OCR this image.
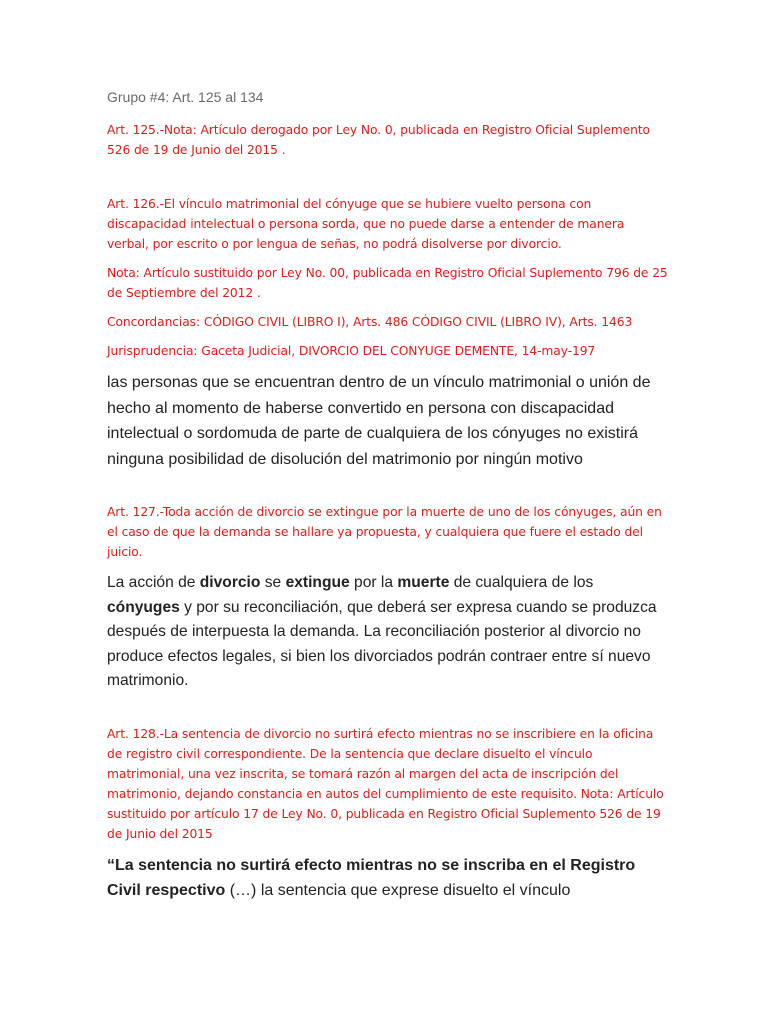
Grupo #4: Art. 125 al 134

Art. 125.-Nota: Artículo derogado por Ley No. 0, publicada en Registro Oficial Suplemento 526 de 19 de Junio del 2015 .

Art. 126.-El vínculo matrimonial del cónyuge que se hubiere vuelto persona con discapacidad intelectual o persona sorda, que no puede darse a entender de manera verbal, por escrito o por lengua de señas, no podrá disolverse por divorcio.

Nota: Artículo sustituido por Ley No. 00, publicada en Registro Oficial Suplemento 796 de 25 de Septiembre del 2012 .

Concordancias: CÓDIGO CIVIL (LIBRO I), Arts. 486 CÓDIGO CIVIL (LIBRO IV), Arts. 1463

Jurisprudencia: Gaceta Judicial, DIVORCIO DEL CONYUGE DEMENTE, 14-may-197

las personas que se encuentran dentro de un vínculo matrimonial o unión de hecho al momento de haberse convertido en persona con discapacidad intelectual o sordomuda de parte de cualquiera de los cónyuges no existirá ninguna posibilidad de disolución del matrimonio por ningún motivo

Art. 127.-Toda acción de divorcio se extingue por la muerte de uno de los cónyuges, aún en el caso de que la demanda se hallare ya propuesta, y cualquiera que fuere el estado del juicio.

La acción de divorcio se extingue por la muerte de cualquiera de los cónyuges y por su reconciliación, que deberá ser expresa cuando se produzca después de interpuesta la demanda. La reconciliación posterior al divorcio no produce efectos legales, si bien los divorciados podrán contraer entre sí nuevo matrimonio.

Art. 128.-La sentencia de divorcio no surtirá efecto mientras no se inscribiere en la oficina de registro civil correspondiente. De la sentencia que declare disuelto el vínculo matrimonial, una vez inscrita, se tomará razón al margen del acta de inscripción del matrimonio, dejando constancia en autos del cumplimiento de este requisito. Nota: Artículo sustituido por artículo 17 de Ley No. 0, publicada en Registro Oficial Suplemento 526 de 19 de Junio del 2015

“La sentencia no surtirá efecto mientras no se inscriba en el Registro Civil respectivo (…) la sentencia que exprese disuelto el vínculo
